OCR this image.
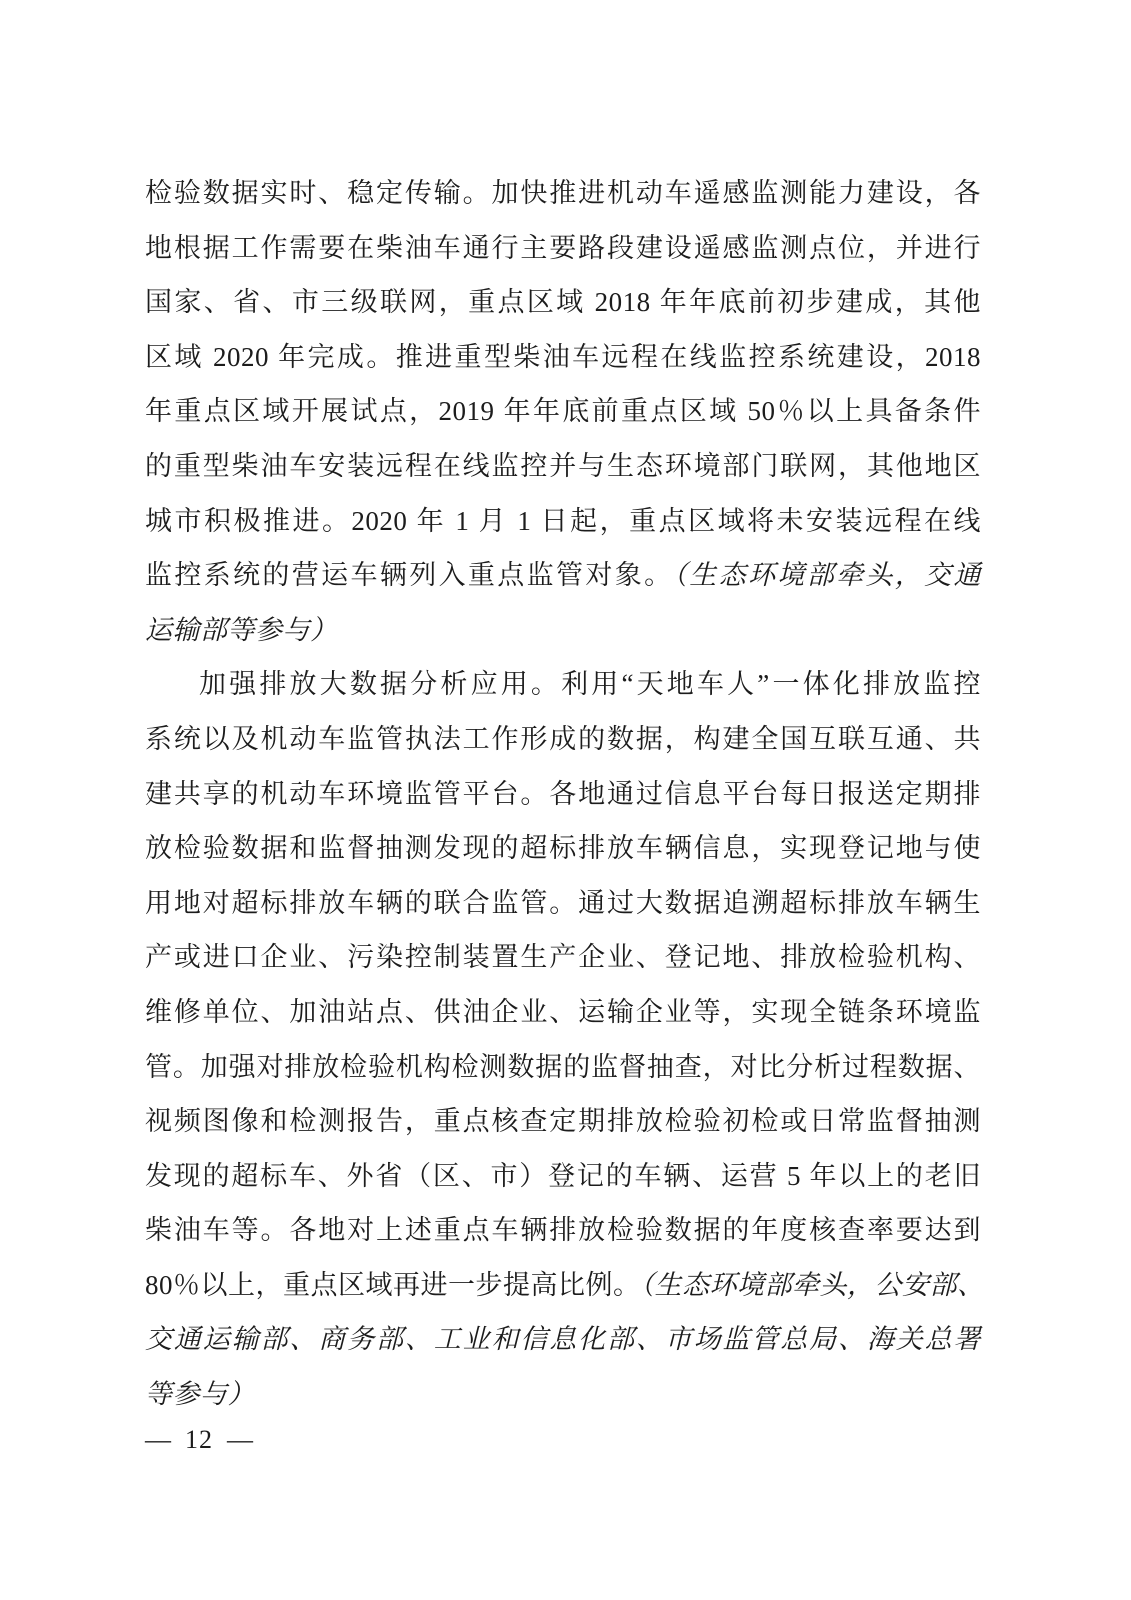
检验数据实时、稳定传输。加快推进机动车遥感监测能力建设，各
地根据工作需要在柴油车通行主要路段建设遥感监测点位，并进行
国家、省、市三级联网，重点区域 2018 年年底前初步建成，其他
区域 2020 年完成。推进重型柴油车远程在线监控系统建设，2018
年重点区域开展试点，2019 年年底前重点区域 50％以上具备条件
的重型柴油车安装远程在线监控并与生态环境部门联网，其他地区
城市积极推进。2020 年 1 月 1 日起，重点区域将未安装远程在线
监控系统的营运车辆列入重点监管对象。（生态环境部牵头，交通
运输部等参与）
加强排放大数据分析应用。利用“天地车人”一体化排放监控
系统以及机动车监管执法工作形成的数据，构建全国互联互通、共
建共享的机动车环境监管平台。各地通过信息平台每日报送定期排
放检验数据和监督抽测发现的超标排放车辆信息，实现登记地与使
用地对超标排放车辆的联合监管。通过大数据追溯超标排放车辆生
产或进口企业、污染控制装置生产企业、登记地、排放检验机构、
维修单位、加油站点、供油企业、运输企业等，实现全链条环境监
管。加强对排放检验机构检测数据的监督抽查，对比分析过程数据、
视频图像和检测报告，重点核查定期排放检验初检或日常监督抽测
发现的超标车、外省（区、市）登记的车辆、运营 5 年以上的老旧
柴油车等。各地对上述重点车辆排放检验数据的年度核查率要达到
80％以上，重点区域再进一步提高比例。（生态环境部牵头，公安部、
交通运输部、商务部、工业和信息化部、市场监管总局、海关总署
等参与）
— 12 —
